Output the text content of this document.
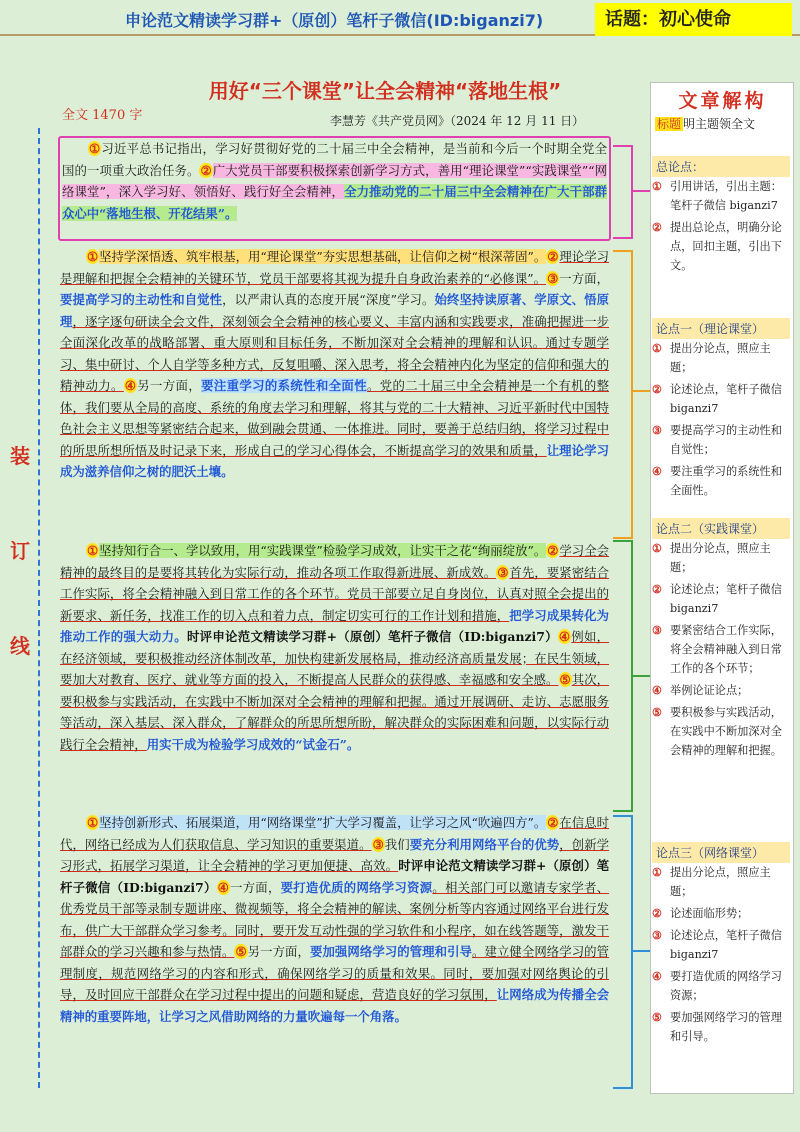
申论范文精读学习群+（原创）笔杆子微信(ID:biganzi7)	话题：初心使命
用好“三个课堂”让全会精神“落地生根”
全文 1470 字	李慧芳《共产党员网》（2024 年 12 月 11 日）
装
订
线

①习近平总书记指出，学习好贯彻好党的二十届三中全会精神，是当前和今后一个时期全党全国的一项重大政治任务。②广大党员干部要积极探索创新学习方式，善用“理论课堂”“实践课堂”“网络课堂”，深入学习好、领悟好、践行好全会精神，全力推动党的二十届三中全会精神在广大干部群众心中“落地生根、开花结果”。

①坚持学深悟透、筑牢根基，用“理论课堂”夯实思想基础，让信仰之树“根深蒂固”。②理论学习是理解和把握全会精神的关键环节，党员干部要将其视为提升自身政治素养的“必修课”。③一方面，要提高学习的主动性和自觉性，以严肃认真的态度开展“深度”学习。始终坚持读原著、学原文、悟原理，逐字逐句研读全会文件，深刻领会全会精神的核心要义、丰富内涵和实践要求，准确把握进一步全面深化改革的战略部署、重大原则和目标任务，不断加深对全会精神的理解和认识。通过专题学习、集中研讨、个人自学等多种方式，反复咀嚼、深入思考，将全会精神内化为坚定的信仰和强大的精神动力。④另一方面，要注重学习的系统性和全面性。党的二十届三中全会精神是一个有机的整体，我们要从全局的高度、系统的角度去学习和理解，将其与党的二十大精神、习近平新时代中国特色社会主义思想等紧密结合起来，做到融会贯通、一体推进。同时，要善于总结归纳，将学习过程中的所思所想所悟及时记录下来，形成自己的学习心得体会，不断提高学习的效果和质量，让理论学习成为滋养信仰之树的肥沃土壤。

①坚持知行合一、学以致用，用“实践课堂”检验学习成效，让实干之花“绚丽绽放”。②学习全会精神的最终目的是要将其转化为实际行动，推动各项工作取得新进展、新成效。③首先，要紧密结合工作实际，将全会精神融入到日常工作的各个环节。党员干部要立足自身岗位，认真对照全会提出的新要求、新任务，找准工作的切入点和着力点，制定切实可行的工作计划和措施，把学习成果转化为推动工作的强大动力。时评申论范文精读学习群+（原创）笔杆子微信（ID:biganzi7）④例如，在经济领域，要积极推动经济体制改革，加快构建新发展格局，推动经济高质量发展；在民生领域，要加大对教育、医疗、就业等方面的投入，不断提高人民群众的获得感、幸福感和安全感。⑤其次，要积极参与实践活动，在实践中不断加深对全会精神的理解和把握。通过开展调研、走访、志愿服务等活动，深入基层、深入群众，了解群众的所思所想所盼，解决群众的实际困难和问题，以实际行动践行全会精神，用实干成为检验学习成效的“试金石”。

①坚持创新形式、拓展渠道，用“网络课堂”扩大学习覆盖，让学习之风“吹遍四方”。②在信息时代，网络已经成为人们获取信息、学习知识的重要渠道。③我们要充分利用网络平台的优势，创新学习形式，拓展学习渠道，让全会精神的学习更加便捷、高效。时评申论范文精读学习群+（原创）笔杆子微信（ID:biganzi7）④一方面，要打造优质的网络学习资源。相关部门可以邀请专家学者、优秀党员干部等录制专题讲座、微视频等，将全会精神的解读、案例分析等内容通过网络平台进行发布，供广大干部群众学习参考。同时，要开发互动性强的学习软件和小程序，如在线答题等，激发干部群众的学习兴趣和参与热情。⑤另一方面，要加强网络学习的管理和引导。建立健全网络学习的管理制度，规范网络学习的内容和形式，确保网络学习的质量和效果。同时，要加强对网络舆论的引导，及时回应干部群众在学习过程中提出的问题和疑虑，营造良好的学习氛围，让网络成为传播全会精神的重要阵地，让学习之风借助网络的力量吹遍每一个角落。

文章解构
标题 明主题领全文
总论点：
① 引用讲话，引出主题：笔杆子微信 biganzi7
② 提出总论点，明确分论点，回扣主题，引出下文。
论点一（理论课堂）
① 提出分论点，照应主题；
② 论述论点，笔杆子微信 biganzi7
③ 要提高学习的主动性和自觉性；
④ 要注重学习的系统性和全面性。
论点二（实践课堂）
① 提出分论点，照应主题；
② 论述论点；笔杆子微信 biganzi7
③ 要紧密结合工作实际，将全会精神融入到日常工作的各个环节；
④ 举例论证论点；
⑤ 要积极参与实践活动，在实践中不断加深对全会精神的理解和把握。
论点三（网络课堂）
① 提出分论点，照应主题；
② 论述面临形势；
③ 论述论点，笔杆子微信 biganzi7
④ 要打造优质的网络学习资源；
⑤ 要加强网络学习的管理和引导。
